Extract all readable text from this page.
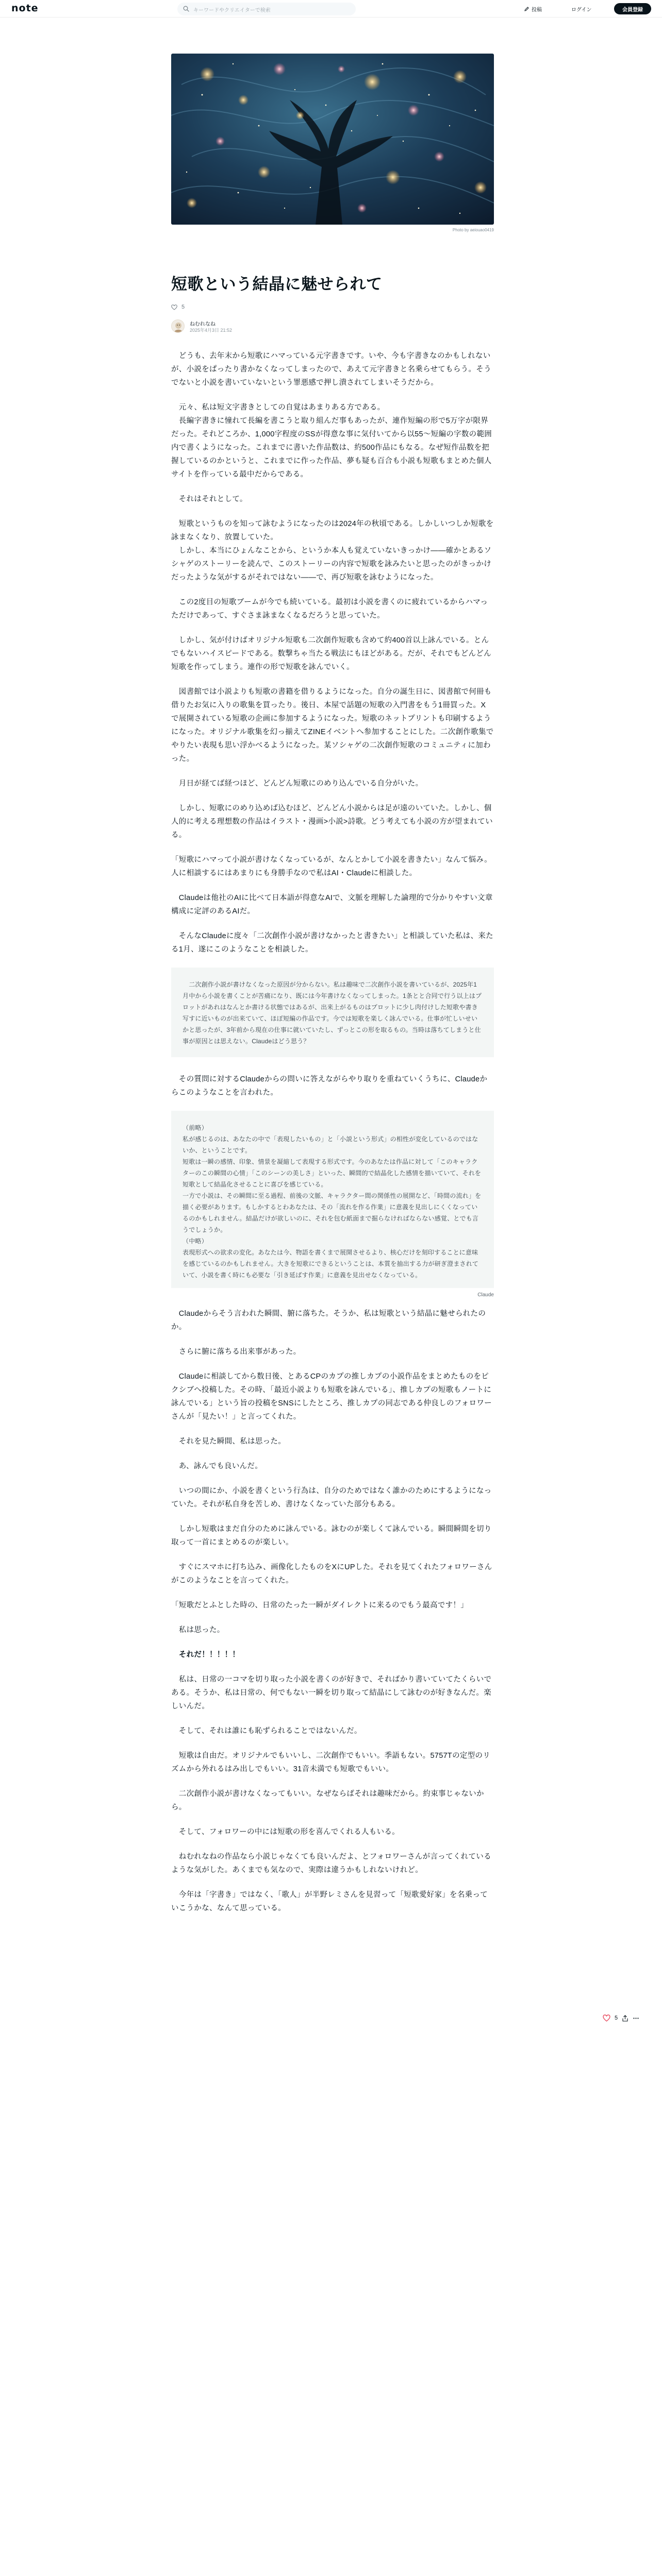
note	キーワードやクリエイターで検索	投稿	ログイン	会員登録
Photo by aeiouao0419
短歌という結晶に魅せられて
5
ねむれなね
2025年4月3日 21:52

　どうも、去年末から短歌にハマっている元字書きです。いや、今も字書きなのかもしれないが、小説をぱったり書かなくなってしまったので、あえて元字書きと名乗らせてもらう。そうでないと小説を書いていないという罪悪感で押し潰されてしまいそうだから。

　元々、私は短文字書きとしての自覚はあまりある方である。
　長編字書きに憧れて長編を書こうと取り組んだ事もあったが、連作短編の形で5万字が限界だった。それどころか、1,000字程度のSSが得意な事に気付いてから以55～短編の字数の範囲内で書くようになった。これまでに書いた作品数は、約500作品にもなる。なぜ短作品数を把握しているのかというと、これまでに作った作品、夢も疑も百合も小説も短歌もまとめた個人サイトを作っている最中だからである。

　それはそれとして。

　短歌というものを知って詠むようになったのは2024年の秋頃である。しかしいつしか短歌を詠まなくなり、放置していた。
　しかし、本当にひょんなことから、というか本人も覚えていないきっかけ――確かとあるソシャゲのストーリーを読んで、このストーリーの内容で短歌を詠みたいと思ったのがきっかけだったような気がするがそれではない――で、再び短歌を詠むようになった。

　この2度目の短歌ブームが今でも続いている。最初は小説を書くのに疲れているからハマっただけであって、すぐさま詠まなくなるだろうと思っていた。

　しかし、気が付けばオリジナル短歌も二次創作短歌も含めて約400首以上詠んでいる。とんでもないハイスピードである。数撃ちゃ当たる戦法にもほどがある。だが、それでもどんどん短歌を作ってしまう。連作の形で短歌を詠んでいく。

　図書館では小説よりも短歌の書籍を借りるようになった。自分の誕生日に、図書館で何冊も借りたお気に入りの歌集を買ったり。後日、本屋で話題の短歌の入門書をもう1冊買った。X で展開されている短歌の企画に参加するようになった。短歌のネットプリントも印刷するようになった。オリジナル歌集を幻っ揃えてZINEイベントへ参加することにした。二次創作歌集でやりたい表現も思い浮かべるようになった。某ソシャゲの二次創作短歌のコミュニティに加わった。

　月日が経てば経つほど、どんどん短歌にのめり込んでいる自分がいた。

　しかし、短歌にのめり込めば込むほど、どんどん小説からは足が遠のいていた。しかし、個人的に考える理想数の作品はイラスト・漫画>小説>詩歌。どう考えても小説の方が望まれている。

「短歌にハマって小説が書けなくなっているが、なんとかして小説を書きたい」なんて悩み。人に相談するにはあまりにも身勝手なので私はAI・Claudeに相談した。

　Claudeは他社のAIに比べて日本語が得意なAIで、文脈を理解した論理的で分かりやすい文章構成に定評のあるAIだ。

　そんなClaudeに度々「二次創作小説が書けなかったと書きたい」と相談していた私は、来たる1月、遂にこのようなことを相談した。

　二次創作小説が書けなくなった原因が分からない。私は趣味で二次創作小説を書いているが、2025年1月中から小説を書くことが苦痛になり、既には今年書けなくなってしまった。1条とと合同で行う以上はプロットがあれはなんとか書ける状態ではあるが、出来上がるものはプロットに少し肉付けした短歌や書き写すに近いものが出来ていて、ほぼ短編の作品です。今では短歌を楽しく詠んでいる。仕事が忙しいせいかと思ったが、3年前から現在の仕事に就いていたし、ずっとこの形を取るもの。当時は落ちてしまうと仕事が原因とは思えない。Claudeはどう思う？

　その質問に対するClaudeからの問いに答えながらやり取りを重ねていくうちに、Claudeからこのようなことを言われた。

（前略）

私が感じるのは、あなたの中で「表現したいもの」と「小説という形式」の相性が変化しているのではないか、ということです。

短歌は一瞬の感情、印象、情景を凝縮して表現する形式です。今のあなたは作品に対して「このキャラクターのこの瞬間の心情」「このシーンの美しさ」といった、瞬間的で結晶化した感情を描いていて、それを短歌として結晶化させることに喜びを感じている。

一方で小説は、その瞬間に至る過程、前後の文脈、キャラクター間の関係性の展開など、「時間の流れ」を描く必要があります。もしかするとわあなたは、その「流れを作る作業」に意義を見出しにくくなっているのかもしれません。結晶だけが欲しいのに、それを包む紙面まで掘らなければならない感覚、とでも言うでしょうか。

（中略）

表現形式への欲求の変化。あなたは今、物語を書くまで展開させるより、核心だけを刻印することに意味を感じているのかもしれません。大きを短歌にできるということは、本質を抽出する力が研ぎ澄まされていて、小説を書く時にも必要な「引き延ばす作業」に意義を見出せなくなっている。

Claude

　Claudeからそう言われた瞬間、腑に落ちた。そうか、私は短歌という結晶に魅せられたのか。

　さらに腑に落ちる出来事があった。

　Claudeに相談してから数日後、とあるCPのカプの推しカプの小説作品をまとめたものをピクシブへ投稿した。その時、「最近小説よりも短歌を詠んでいる」、推しカプの短歌もノートに詠んでいる」という旨の投稿をSNSにしたところ、推しカプの同志である仲良しのフォロワーさんが「見たい！」と言ってくれた。

　それを見た瞬間、私は思った。

　あ、詠んでも良いんだ。

　いつの間にか、小説を書くという行為は、自分のためではなく誰かのためにするようになっていた。それが私自身を苦しめ、書けなくなっていた部分もある。

　しかし短歌はまだ自分のために詠んでいる。詠むのが楽しくて詠んでいる。瞬間瞬間を切り取って一首にまとめるのが楽しい。

　すぐにスマホに打ち込み、画像化したものをXにUPした。それを見てくれたフォロワーさんがこのようなことを言ってくれた。

「短歌だとふとした時の、日常のたった一瞬がダイレクトに来るのでもう最高です！」

　私は思った。

　それだ！！！！！

　私は、日常の一コマを切り取った小説を書くのが好きで、そればかり書いていてたくらいである。そうか、私は日常の、何でもない一瞬を切り取って結晶にして詠むのが好きなんだ。楽しいんだ。

　そして、それは誰にも恥ずられることではないんだ。

　短歌は自由だ。オリジナルでもいいし、二次創作でもいい。季語もない。5757Tの定型のリズムから外れるはみ出しでもいい。31音未満でも短歌でもいい。

　二次創作小説が書けなくなってもいい。なぜならばそれは趣味だから。約束事じゃないから。

　そして、フォロワーの中には短歌の形を喜んでくれる人もいる。

　ねむれなねの作品なら小説じゃなくても良いんだよ、とフォロワーさんが言ってくれているような気がした。あくまでも気なので、実際は違うかもしれないけれど。

　今年は「字書き」ではなく、「歌人」が半野レミさんを見習って「短歌愛好家」を名乗っていこうかな、なんて思っている。

5
